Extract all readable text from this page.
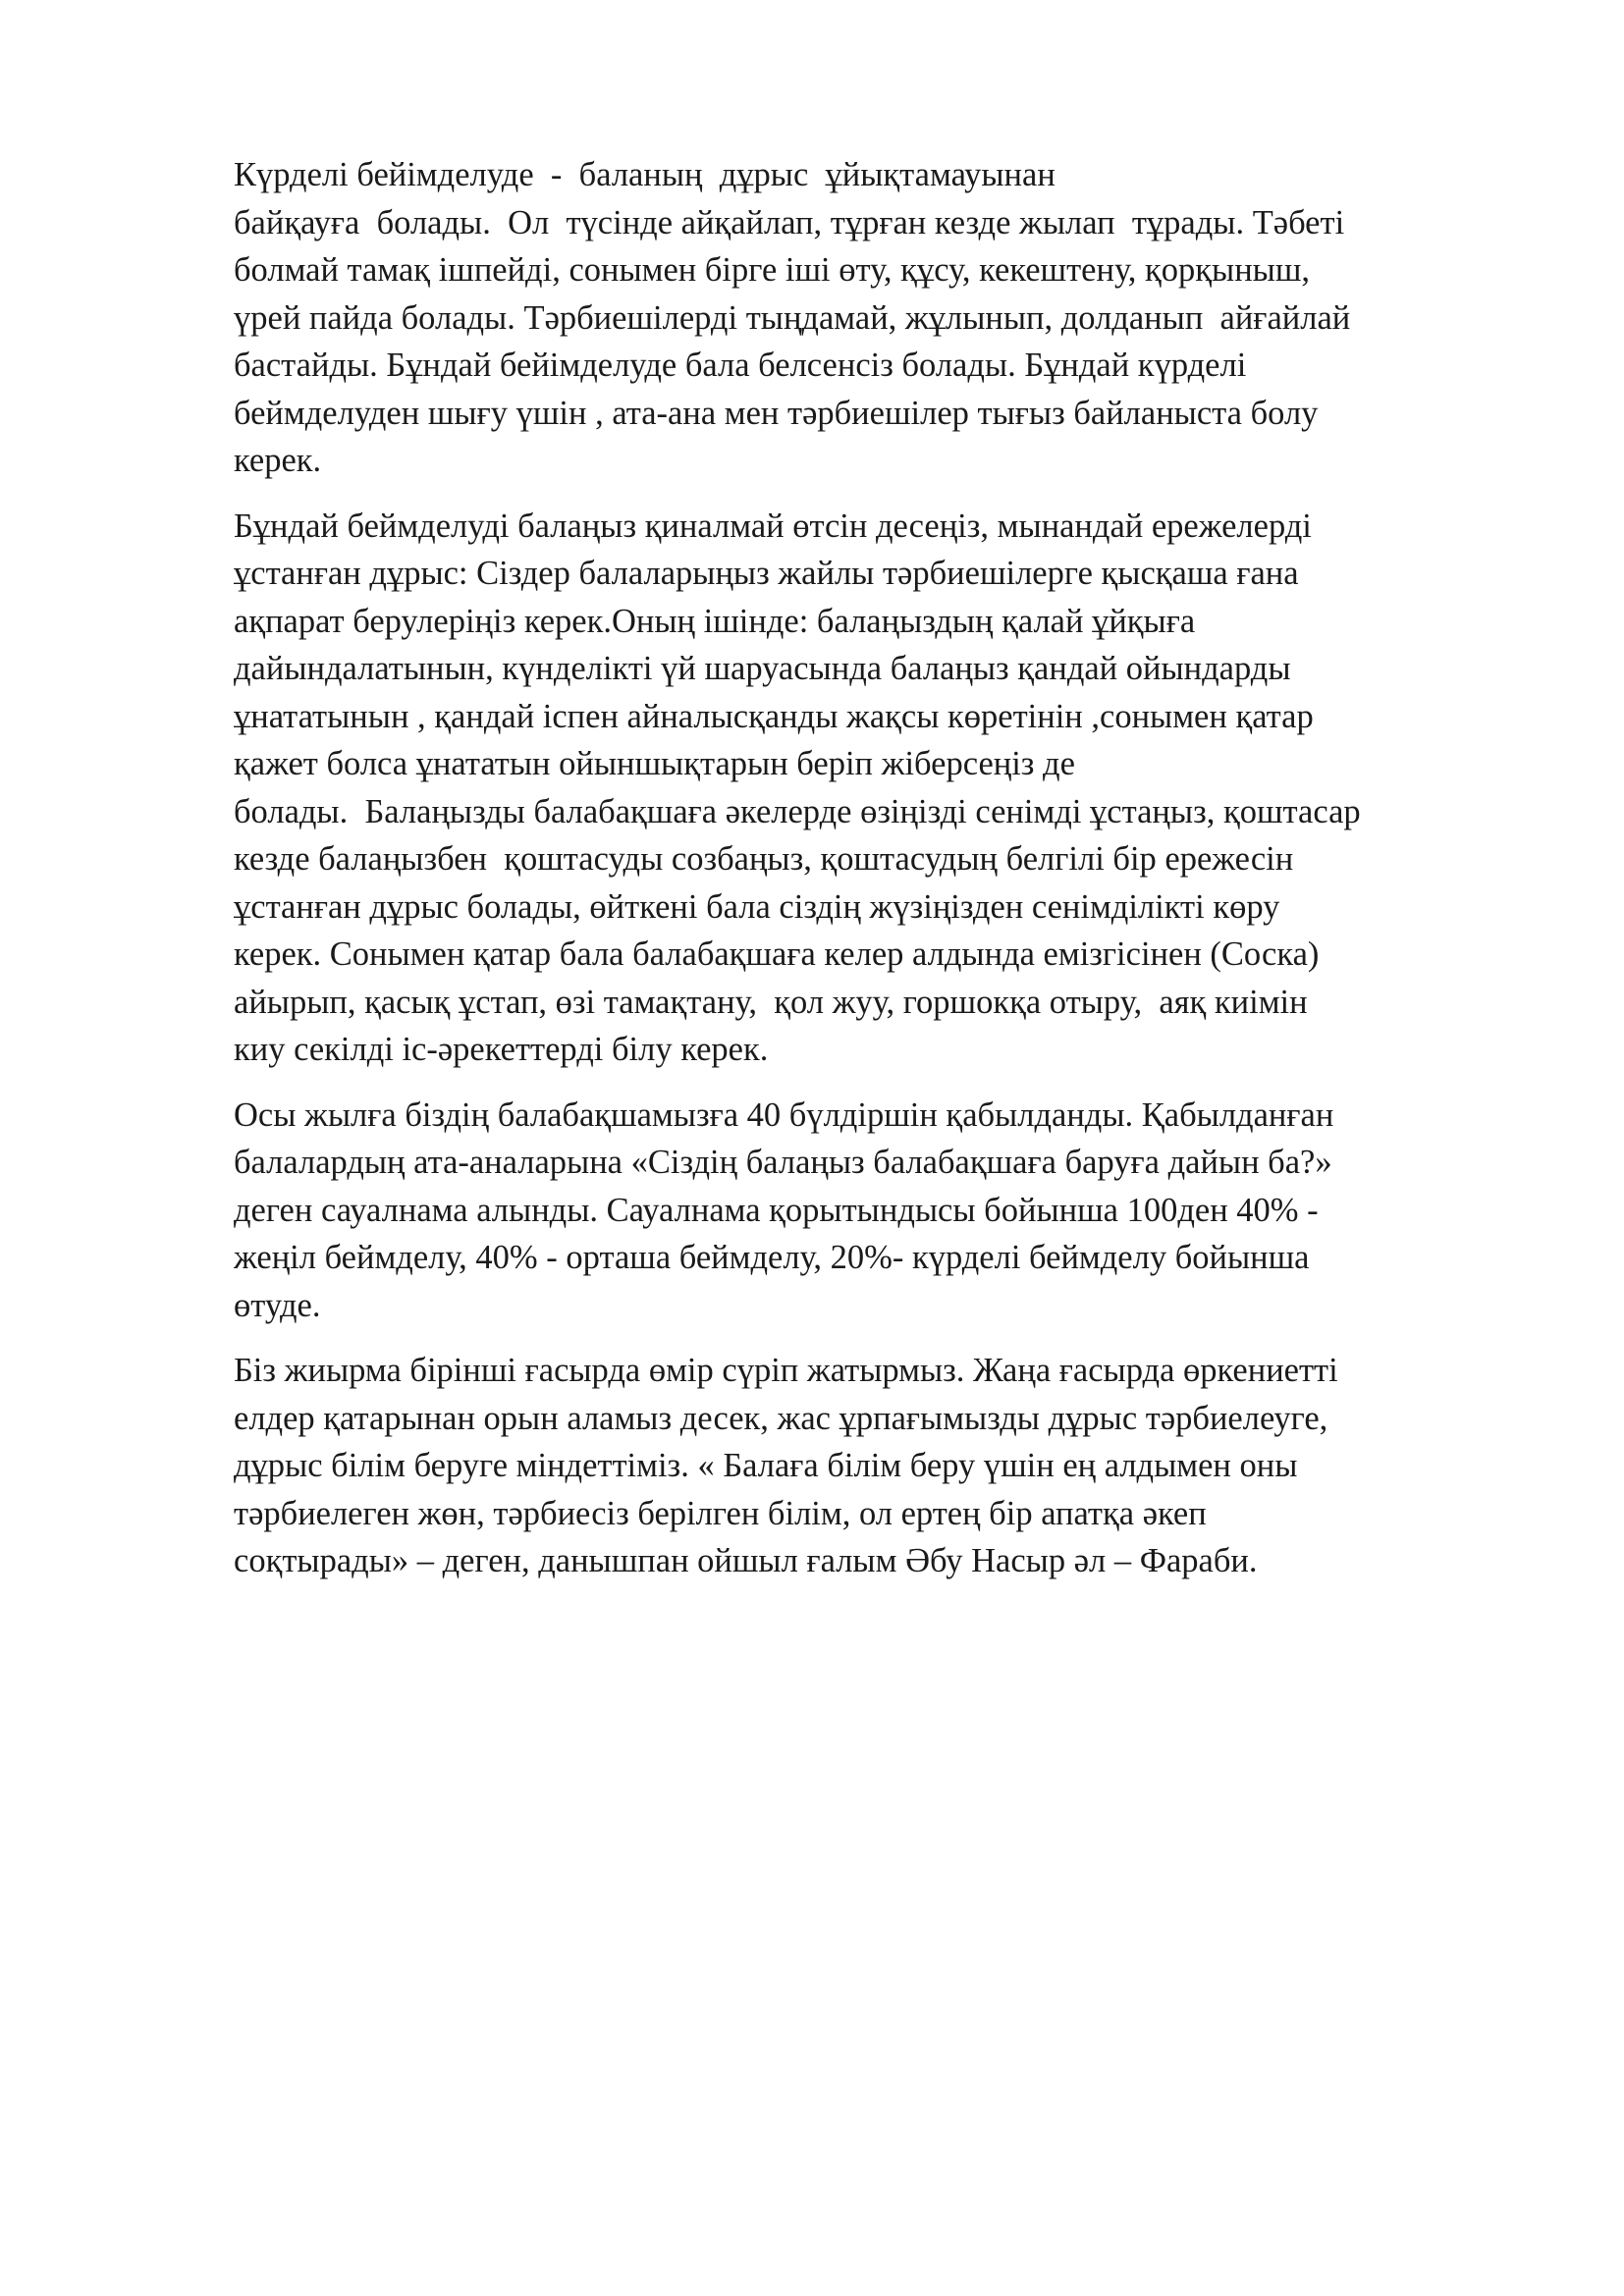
Күрделі бейімделуде  -  баланың  дұрыс  ұйықтамауынан
байқауға  болады.  Ол  түсінде айқайлап, тұрған кезде жылап  тұрады. Тәбеті
болмай тамақ ішпейді, сонымен бірге іші өту, құсу, кекештену, қорқыныш,
үрей пайда болады. Тәрбиешілерді тыңдамай, жұлынып, долданып  айғайлай
бастайды. Бұндай бейімделуде бала белсенсіз болады. Бұндай күрделі
беймделуден шығу үшін , ата-ана мен тәрбиешілер тығыз байланыста болу
керек.
Бұндай беймделуді балаңыз қиналмай өтсін десеңіз, мынандай ережелерді
ұстанған дұрыс: Сіздер балаларыңыз жайлы тәрбиешілерге қысқаша ғана
ақпарат берулеріңіз керек.Оның ішінде: балаңыздың қалай ұйқыға
дайындалатынын, күнделікті үй шаруасында балаңыз қандай ойындарды
ұнататынын , қандай іспен айналысқанды жақсы көретінін ,сонымен қатар
қажет болса ұнататын ойыншықтарын беріп жіберсеңіз де
болады.  Балаңызды балабақшаға әкелерде өзіңізді сенімді ұстаңыз, қоштасар
кезде балаңызбен  қоштасуды созбаңыз, қоштасудың белгілі бір ережесін
ұстанған дұрыс болады, өйткені бала сіздің жүзіңізден сенімділікті көру
керек. Сонымен қатар бала балабақшаға келер алдында емізгісінен (Соска)
айырып, қасық ұстап, өзі тамақтану,  қол жуу, горшокқа отыру,  аяқ киімін
киу секілді іс-әрекеттерді білу керек.
Осы жылға біздің балабақшамызға 40 бүлдіршін қабылданды. Қабылданған
балалардың ата-аналарына «Сіздің балаңыз балабақшаға баруға дайын ба?»
деген сауалнама алынды. Сауалнама қорытындысы бойынша 100ден 40% -
жеңіл беймделу, 40% - орташа беймделу, 20%- күрделі беймделу бойынша
өтуде.
Біз жиырма бірінші ғасырда өмір сүріп жатырмыз. Жаңа ғасырда өркениетті
елдер қатарынан орын аламыз десек, жас ұрпағымызды дұрыс тәрбиелеуге,
дұрыс білім беруге міндеттіміз. « Балаға білім беру үшін ең алдымен оны
тәрбиелеген жөн, тәрбиесіз берілген білім, ол ертең бір апатқа әкеп
соқтырады» – деген, данышпан ойшыл ғалым Әбу Насыр әл – Фараби.
